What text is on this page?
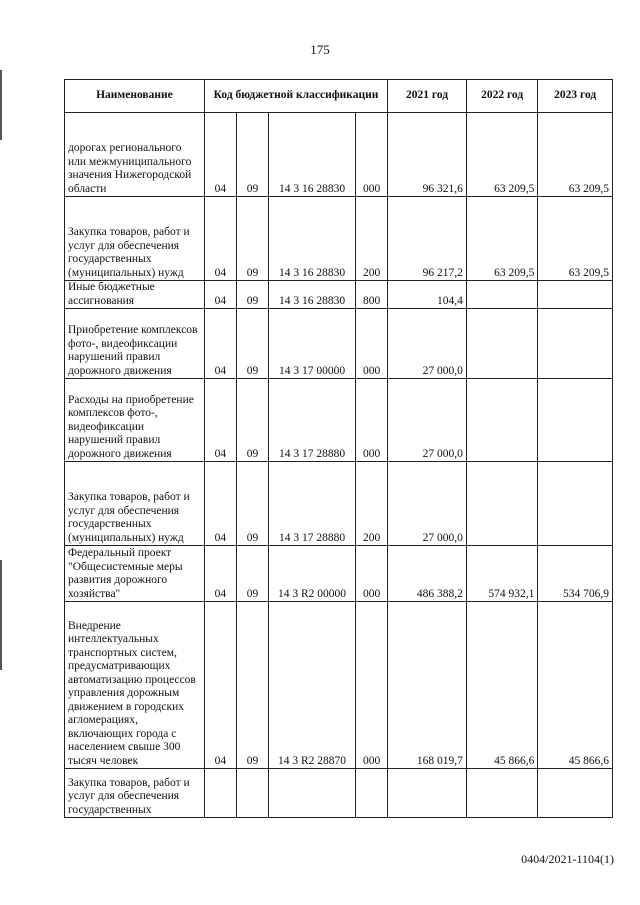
175
Наименование	Код бюджетной классификации				2021 год	2022 год	2023 год
дорогах регионального или межмуниципального значения Нижегородской области	04	09	14 3 16 28830	000	96 321,6	63 209,5	63 209,5
Закупка товаров, работ и услуг для обеспечения государственных (муниципальных) нужд	04	09	14 3 16 28830	200	96 217,2	63 209,5	63 209,5
Иные бюджетные ассигнования	04	09	14 3 16 28830	800	104,4		
Приобретение комплексов фото-, видеофиксации нарушений правил дорожного движения	04	09	14 3 17 00000	000	27 000,0		
Расходы на приобретение комплексов фото-, видеофиксации нарушений правил дорожного движения	04	09	14 3 17 28880	000	27 000,0		
Закупка товаров, работ и услуг для обеспечения государственных (муниципальных) нужд	04	09	14 3 17 28880	200	27 000,0		
Федеральный проект "Общесистемные меры развития дорожного хозяйства"	04	09	14 3 R2 00000	000	486 388,2	574 932,1	534 706,9
Внедрение интеллектуальных транспортных систем, предусматривающих автоматизацию процессов управления дорожным движением в городских агломерациях, включающих города с населением свыше 300 тысяч человек	04	09	14 3 R2 28870	000	168 019,7	45 866,6	45 866,6
Закупка товаров, работ и услуг для обеспечения государственных							
0404/2021-1104(1)
